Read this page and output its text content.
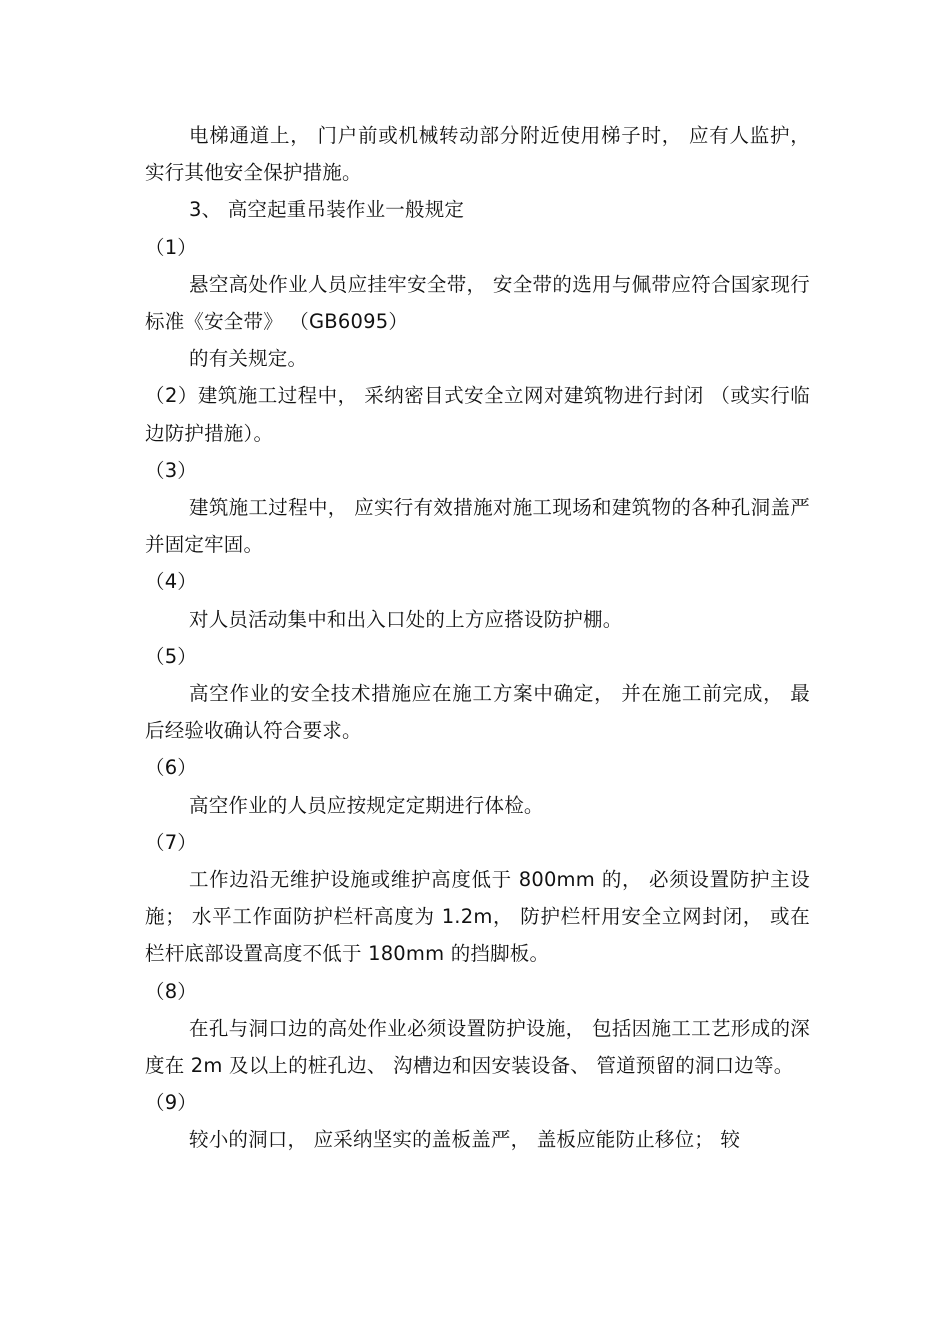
电梯通道上， 门户前或机械转动部分附近使用梯子时， 应有人监护， 实行其他安全保护措施。

3、 高空起重吊装作业一般规定

（1）

悬空高处作业人员应挂牢安全带， 安全带的选用与佩带应符合国家现行标准《安全带》 （GB6095）

的有关规定。

（2）建筑施工过程中， 采纳密目式安全立网对建筑物进行封闭 （或实行临边防护措施）。

（3）

建筑施工过程中， 应实行有效措施对施工现场和建筑物的各种孔洞盖严并固定牢固。

（4）

对人员活动集中和出入口处的上方应搭设防护棚。

（5）

高空作业的安全技术措施应在施工方案中确定， 并在施工前完成， 最后经验收确认符合要求。

（6）

高空作业的人员应按规定定期进行体检。

（7）

工作边沿无维护设施或维护高度低于 800mm 的， 必须设置防护主设施； 水平工作面防护栏杆高度为 1.2m， 防护栏杆用安全立网封闭， 或在栏杆底部设置高度不低于 180mm 的挡脚板。

（8）

在孔与洞口边的高处作业必须设置防护设施， 包括因施工工艺形成的深度在 2m 及以上的桩孔边、 沟槽边和因安装设备、 管道预留的洞口边等。

（9）

较小的洞口， 应采纳坚实的盖板盖严， 盖板应能防止移位； 较
